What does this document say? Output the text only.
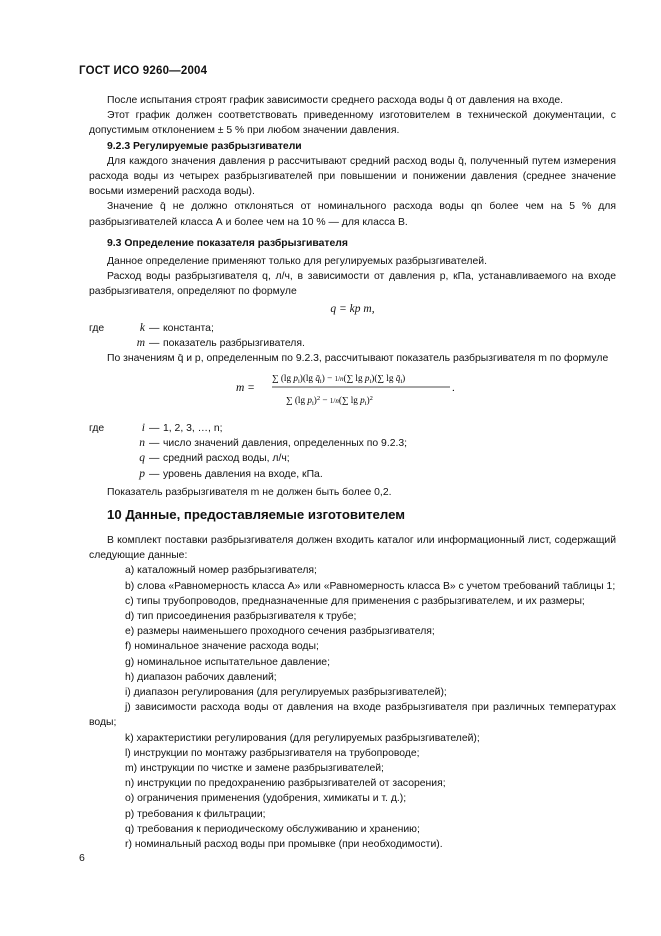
ГОСТ ИСО 9260—2004

После испытания строят график зависимости среднего расхода воды q̄ от давления на входе.

Этот график должен соответствовать приведенному изготовителем в технической документации, с допустимым отклонением ± 5 % при любом значении давления.

9.2.3 Регулируемые разбрызгиватели

Для каждого значения давления p рассчитывают средний расход воды q̄, полученный путем измерения расхода воды из четырех разбрызгивателей при повышении и понижении давления (среднее значение восьми измерений расхода воды).

Значение q̄ не должно отклоняться от номинального расхода воды qn более чем на 5 % для разбрызгивателей класса А и более чем на 10 % — для класса В.

9.3 Определение показателя разбрызгивателя

Данное определение применяют только для регулируемых разбрызгивателей.

Расход воды разбрызгивателя q, л/ч, в зависимости от давления p, кПа, устанавливаемого на входе разбрызгивателя, определяют по формуле

q = kp m,
где	k — константа;
m — показатель разбрызгивателя.

По значениям q̄ и p, определенным по 9.2.3, рассчитывают показатель разбрызгивателя m по формуле

m =
∑ (lg $p_i)(\lg$ $q̄_i) - 1/n(\sum$ $\lg p_i)(\sum$ $\lg q̄_i$)
∑ (lg $p_i)^2 - 1/n(\sum$ $\lg p_i)^2$
.
где	i — 1, 2, 3, …, n;
n — число значений давления, определенных по 9.2.3;
q — средний расход воды, л/ч;
p — уровень давления на входе, кПа.

Показатель разбрызгивателя m не должен быть более 0,2.

10 Данные, предоставляемые изготовителем

В комплект поставки разбрызгивателя должен входить каталог или информационный лист, содержащий следующие данные:

a) каталожный номер разбрызгивателя;

b) слова «Равномерность класса А» или «Равномерность класса В» с учетом требований таблицы 1;

c) типы трубопроводов, предназначенные для применения с разбрызгивателем, и их размеры;

d) тип присоединения разбрызгивателя к трубе;

e) размеры наименьшего проходного сечения разбрызгивателя;

f) номинальное значение расхода воды;

g) номинальное испытательное давление;

h) диапазон рабочих давлений;

i) диапазон регулирования (для регулируемых разбрызгивателей);

j) зависимости расхода воды от давления на входе разбрызгивателя при различных температурах воды;

k) характеристики регулирования (для регулируемых разбрызгивателей);

l) инструкции по монтажу разбрызгивателя на трубопроводе;

m) инструкции по чистке и замене разбрызгивателей;

n) инструкции по предохранению разбрызгивателей от засорения;

o) ограничения применения (удобрения, химикаты и т. д.);

p) требования к фильтрации;

q) требования к периодическому обслуживанию и хранению;

r) номинальный расход воды при промывке (при необходимости).

6
